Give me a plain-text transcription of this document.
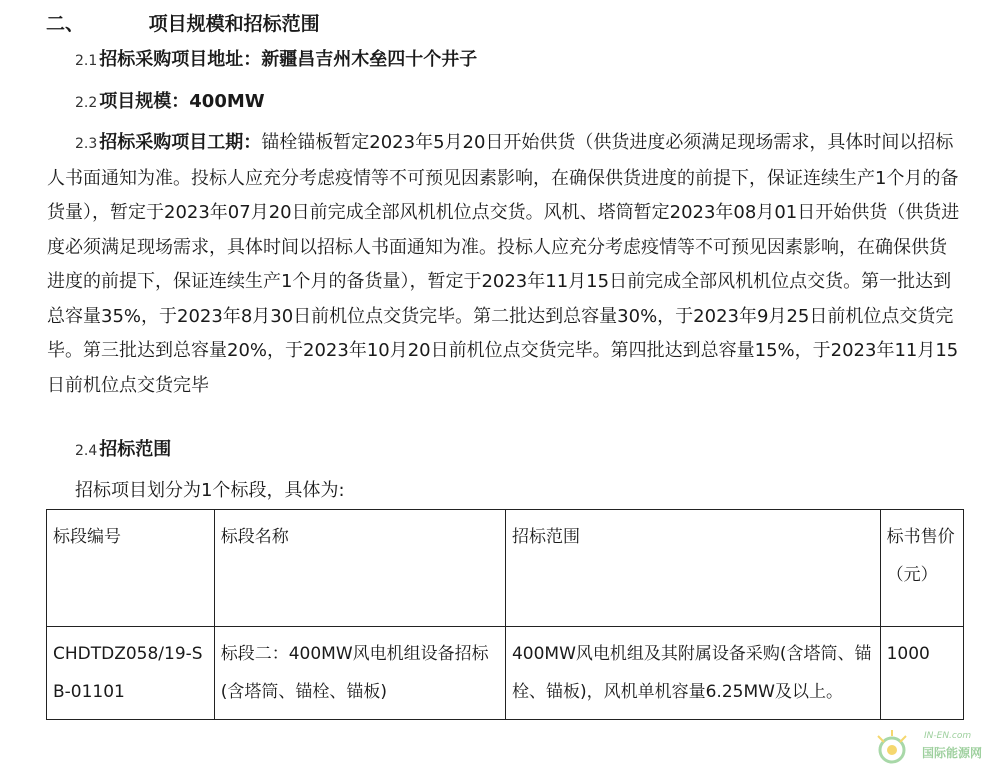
二、	项目规模和招标范围
2.1 招标采购项目地址：新疆昌吉州木垒四十个井子
2.2 项目规模：400MW
2.3 招标采购项目工期：锚栓锚板暂定2023年5月20日开始供货（供货进度必须满足现场需求，具体时间以招标人书面通知为准。投标人应充分考虑疫情等不可预见因素影响，在确保供货进度的前提下，保证连续生产1个月的备货量），暂定于2023年07月20日前完成全部风机机位点交货。风机、塔筒暂定2023年08月01日开始供货（供货进度必须满足现场需求，具体时间以招标人书面通知为准。投标人应充分考虑疫情等不可预见因素影响，在确保供货进度的前提下，保证连续生产1个月的备货量），暂定于2023年11月15日前完成全部风机机位点交货。第一批达到总容量35%，于2023年8月30日前机位点交货完毕。第二批达到总容量30%，于2023年9月25日前机位点交货完毕。第三批达到总容量20%，于2023年10月20日前机位点交货完毕。第四批达到总容量15%，于2023年11月15日前机位点交货完毕
2.4 招标范围
招标项目划分为1个标段，具体为:
标段编号	标段名称	招标范围	标书售价（元）
CHDTDZ058/19-SB-01101	标段二：400MW风电机组设备招标(含塔筒、锚栓、锚板)	400MW风电机组及其附属设备采购(含塔筒、锚栓、锚板)，风机单机容量6.25MW及以上。	1000
IN-EN.com
国际能源网
